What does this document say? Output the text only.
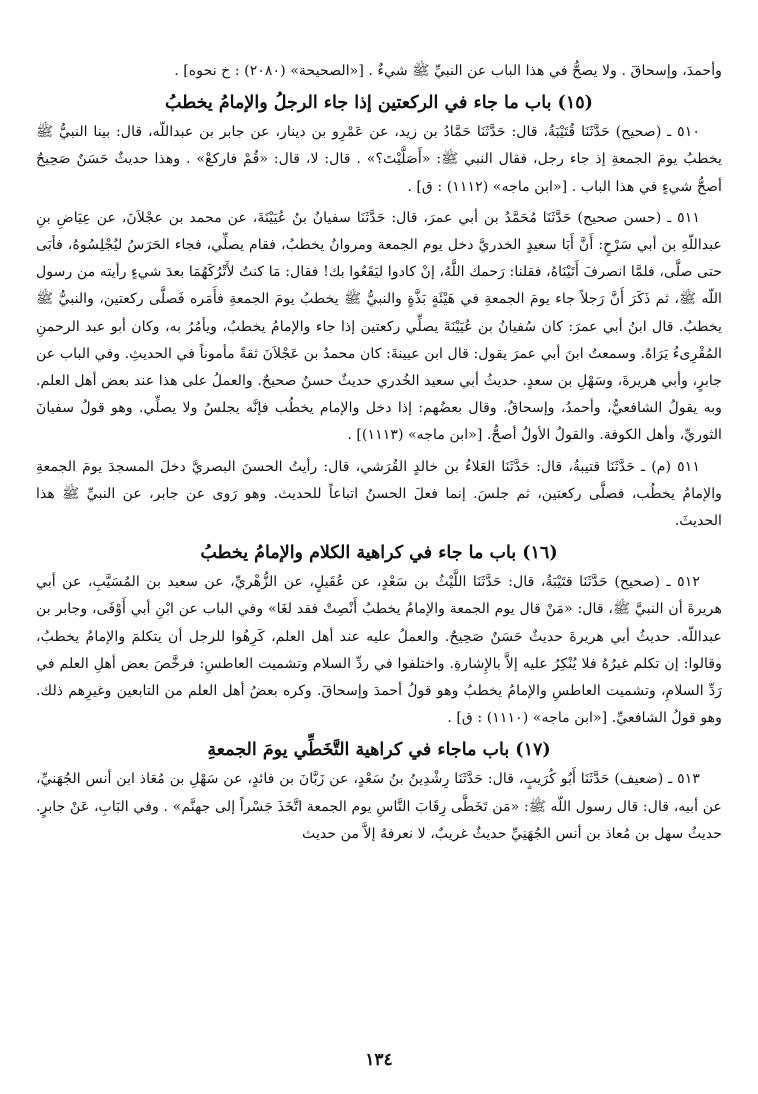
وأحمدَ، وإسحاقَ . ولا يصحُّ في هذا الباب عن النبيِّ ﷺ شيءٌ . [«الصحيحة» (٢٠٨٠) : خ نحوه] .

(١٥) باب ما جاء في الركعتين إذا جاء الرجلُ والإمامُ يخطبُ

٥١٠ ـ (صحيح) حَدَّثَنَا قُتَيْبَةُ، قال: حَدَّثَنَا حَمَّادُ بن زيد، عن عَمْرِو بن دينار، عن جابر بن عبداللّه، قال: بينا النبيُّ ﷺ يخطبُ يومَ الجمعةِ إذ جاء رجل، فقال النبي ﷺ: «أَصَلَّيْتَ؟» . قال: لا، قال: «قُمْ فاركعْ» . وهذا حديثٌ حَسَنٌ صَحِيحٌ أصحُّ شيءٍ في هذا الباب . [«ابن ماجه» (١١١٢) : ق] .

٥١١ ـ (حسن صحيح) حَدَّثَنَا مُحَمَّدُ بن أبي عمرَ، قال: حَدَّثَنَا سفيانُ بنُ عُيَيْنَةَ، عن محمد بن عجْلاَنَ، عن عِيَاضِ بنِ عبداللّهِ بن أبي سَرْحٍ: أَنَّ أَبَا سعيدٍ الخدريَّ دخل يوم الجمعة ومروانُ يخطبُ، فقام يصلِّي، فجاء الحَرَسُ ليُجْلِسُوهُ، فأبَى حتى صلَّى، فلمَّا انصرفَ أَتَيْنَاهُ، فقلنا: رَحمك اللَّهُ، إنْ كادوا ليَقَعُوا بك! فقال: مَا كنتُ لأَتْرُكَهُمَا بعدَ شيءٍ رأيته من رسول اللّه ﷺ، ثم ذَكَرَ أَنَّ رَجلاً جاء يومَ الجمعةِ في هَيْئَةٍ بَذَّةٍ والنبيُّ ﷺ يخطبُ يومَ الجمعةِ فأَمَره فَصلَّى ركعتين، والنبيُّ ﷺ يخطبُ. قال ابنُ أبي عمرَ: كان سُفيانُ بن عُيَيْنَةَ يصلِّي ركعتين إذا جاء والإمامُ يخطبُ، ويأمُرُ به، وكان أبو عبد الرحمنِ المُقْرِىءُ يَرَاهُ. وسمعتُ ابنَ أبي عمرَ يقول: قال ابن عيينةَ: كان محمدُ بن عَجْلاَنَ ثقةً مأموناً في الحديثِ. وفي الباب عن جابرٍ، وأبي هريرةَ، وسَهْلِ بن سعدٍ. حديثُ أبي سعيد الخُدري حديثٌ حسنٌ صحيحٌ. والعملُ على هذا عند بعض أهل العلم. وبه يقولُ الشافعيُّ، وأحمدُ، وإسحاقُ. وقال بعضُهم: إذا دخل والإمام يخطُب فإنَّه يجلسُ ولا يصلِّي. وهو قولُ سفيانَ الثوريِّ، وأهل الكوفة. والقولُ الأولُ أصحُّ. [«ابن ماجه» (١١١٣)] .

٥١١ (م) ـ حَدَّثَنَا قتيبةُ، قال: حَدَّثَنَا العَلاءُ بن خالدٍ القُرَشي، قال: رأيتُ الحسنَ البصريَّ دخلَ المسجدَ يومَ الجمعةِ والإمامُ يخطُب، فصلَّى ركعتين، ثم جلسَ. إنما فعلَ الحسنُ اتباعاً للحديث. وهو رَوى عن جابر، عن النبيِّ ﷺ هذا الحديثَ.

(١٦) باب ما جاء في كراهية الكلام والإمامُ يخطبُ

٥١٢ ـ (صحيح) حَدَّثَنَا قتَيْبَةُ، قال: حَدَّثَنَا اللَّيْثُ بن سَعْدٍ، عن عُقَيلٍ، عن الزُّهْريِّ، عن سعيد بن المُسَيَّبِ، عن أبي هريرةَ أن النبيَّ ﷺ، قال: «مَنْ قال يوم الجمعة والإمامُ يخطبُ أَنْصِتْ فقد لغَا» وفي الباب عن ابْنِ أبي أَوْفَى، وجابر بن عبداللّه. حديثُ أبي هريرةَ حديثٌ حَسَنٌ صَحِيحٌ. والعملُ عليه عند أهل العلم، كَرِهُوا للرجل أن يتكلمَ والإمامُ يخطبُ، وقالوا: إن تكلم غيرُهُ فلا يُنْكِرُ عليه إلاَّ بالإِشارةِ. واختلفوا في ردِّ السلام وتشميت العاطسِ: فرخَّصَ بعض أهلِ العلم في رَدِّ السلامِ، وتشميت العاطسِ والإمامُ يخطبُ وهو قولُ أحمدَ وإسحاقَ. وكره بعضُ أهل العلم من التابعين وغيرِهم ذلك. وهو قولُ الشافعيِّ. [«ابن ماجه» (١١١٠) : ق] .

(١٧) باب ماجاء في كراهية التَّخَطِّي يومَ الجمعةِ

٥١٣ ـ (ضعيف) حَدَّثَنَا أَبُو كُرَيبٍ، قال: حَدَّثَنَا رِشْدِينُ بنُ سَعْدٍ، عن زَبَّانَ بن فائدٍ، عن سَهْلِ بن مُعَاذ ابن أنس الجُهَنيِّ، عن أبيه، قال: قال رسول اللّه ﷺ: «مَن تَخَطَّى رِقَابَ النَّاسِ يوم الجمعة اتَّخَذَ جَسْراً إلى جهنَّم» . وفي البَابِ، عَنْ جابرٍ. حديثُ سهل بن مُعاذ بن أنس الجُهَنِيِّ حديثٌ غريبٌ، لا نعرفهُ إلاَّ من حديث

١٣٤
